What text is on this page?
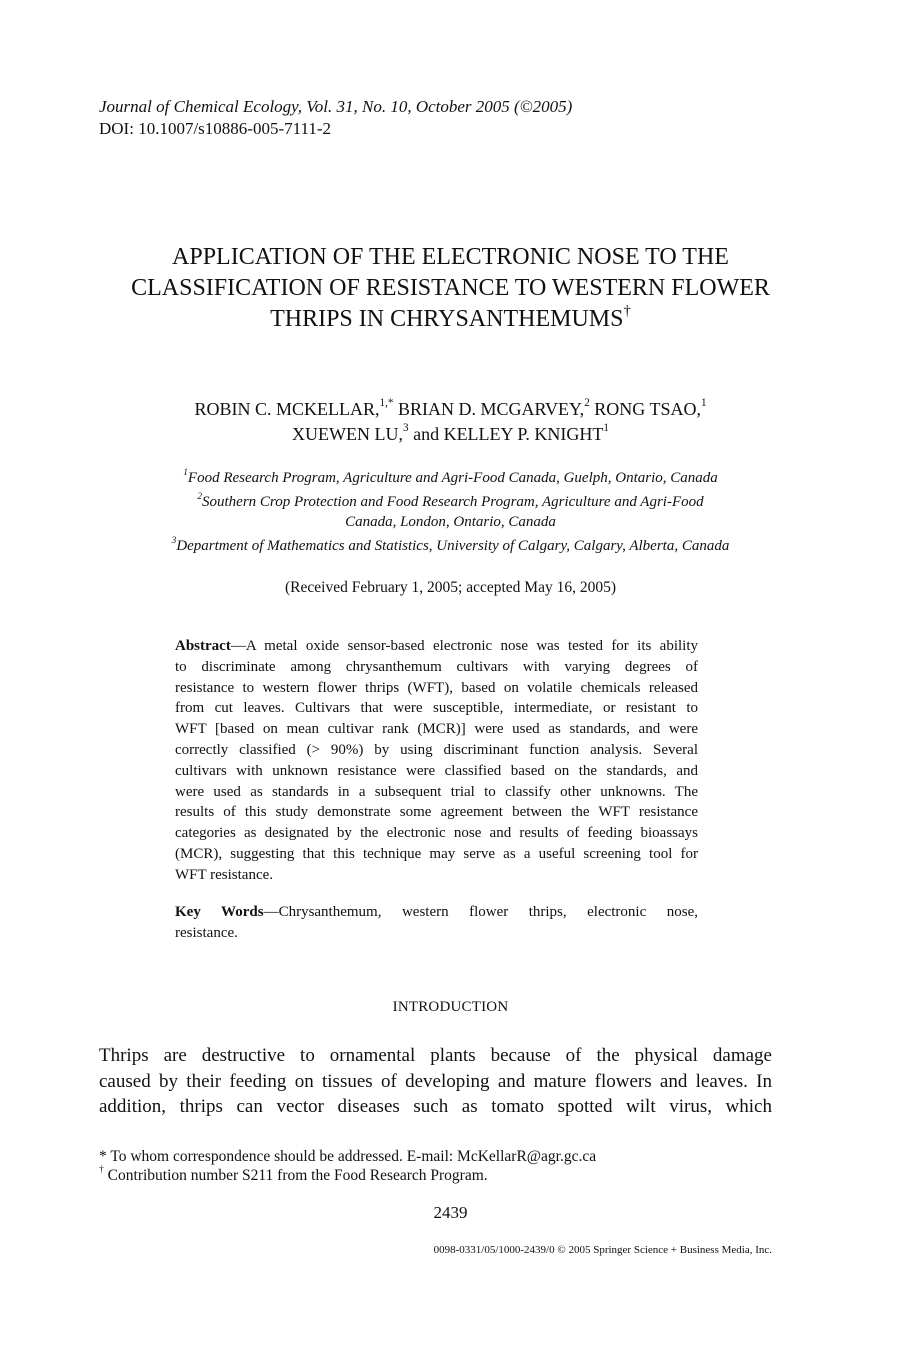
Journal of Chemical Ecology, Vol. 31, No. 10, October 2005 (©2005)
DOI: 10.1007/s10886-005-7111-2
APPLICATION OF THE ELECTRONIC NOSE TO THE
CLASSIFICATION OF RESISTANCE TO WESTERN FLOWER
THRIPS IN CHRYSANTHEMUMS†
ROBIN C. MCKELLAR,$^{1,*}$ BRIAN D. MCGARVEY,$^2$ RONG TSAO,$^1$
XUEWEN LU,$^3$ and KELLEY P. KNIGHT$^1$
$^1$Food Research Program, Agriculture and Agri-Food Canada, Guelph, Ontario, Canada
$^2$Southern Crop Protection and Food Research Program, Agriculture and Agri-Food
Canada, London, Ontario, Canada
$^3$Department of Mathematics and Statistics, University of Calgary, Calgary, Alberta, Canada
(Received February 1, 2005; accepted May 16, 2005)
Abstract—A metal oxide sensor-based electronic nose was tested for its ability
to discriminate among chrysanthemum cultivars with varying degrees of
resistance to western flower thrips (WFT), based on volatile chemicals released
from cut leaves. Cultivars that were susceptible, intermediate, or resistant to
WFT [based on mean cultivar rank (MCR)] were used as standards, and were
correctly classified (> 90%) by using discriminant function analysis. Several
cultivars with unknown resistance were classified based on the standards, and
were used as standards in a subsequent trial to classify other unknowns. The
results of this study demonstrate some agreement between the WFT resistance
categories as designated by the electronic nose and results of feeding bioassays
(MCR), suggesting that this technique may serve as a useful screening tool for
WFT resistance.
Key Words—Chrysanthemum, western flower thrips, electronic nose,
resistance.
INTRODUCTION
Thrips are destructive to ornamental plants because of the physical damage
caused by their feeding on tissues of developing and mature flowers and leaves. In
addition, thrips can vector diseases such as tomato spotted wilt virus, which
* To whom correspondence should be addressed. E-mail: McKellarR@agr.gc.ca
† Contribution number S211 from the Food Research Program.
2439
0098-0331/05/1000-2439/0 © 2005 Springer Science + Business Media, Inc.
